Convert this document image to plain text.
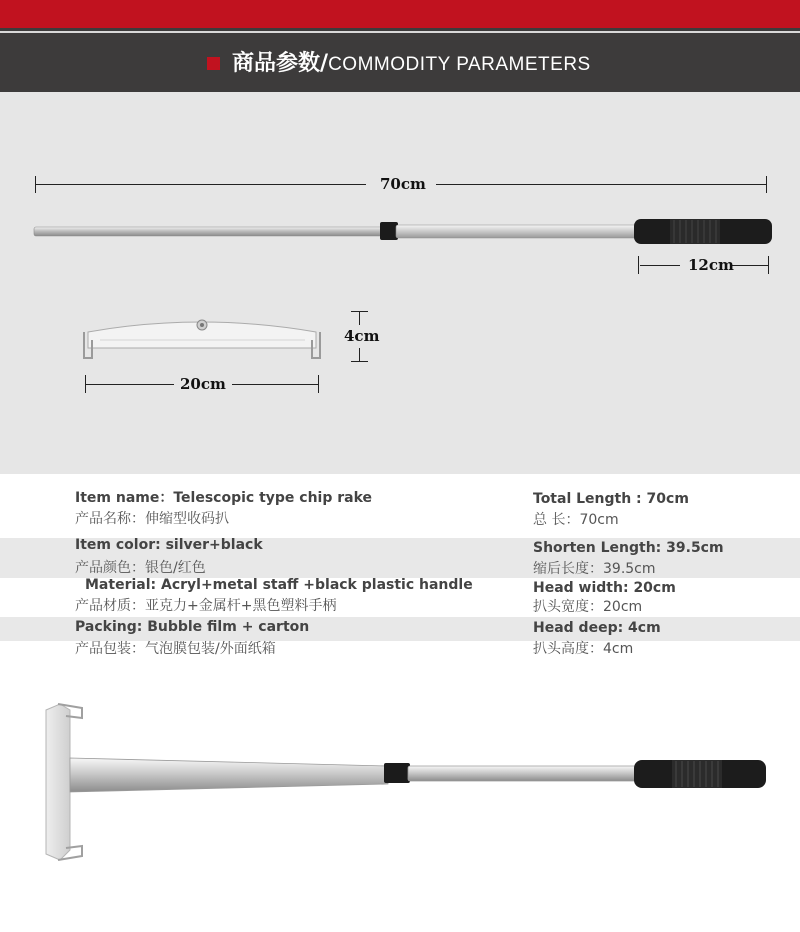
商品参数/COMMODITY PARAMETERS
70cm
12cm
4cm
20cm
Item name：Telescopic type chip rake
产品名称：伸缩型收码扒
Item color: silver+black
产品颜色：银色/红色
Material: Acryl+metal staff +black plastic handle
产品材质：亚克力+金属杆+黑色塑料手柄
Packing: Bubble film + carton
产品包装：气泡膜包装/外面纸箱
Total Length : 70cm
总 长：70cm
Shorten Length: 39.5cm
缩后长度：39.5cm
Head width: 20cm
扒头宽度：20cm
Head deep: 4cm
扒头高度：4cm
